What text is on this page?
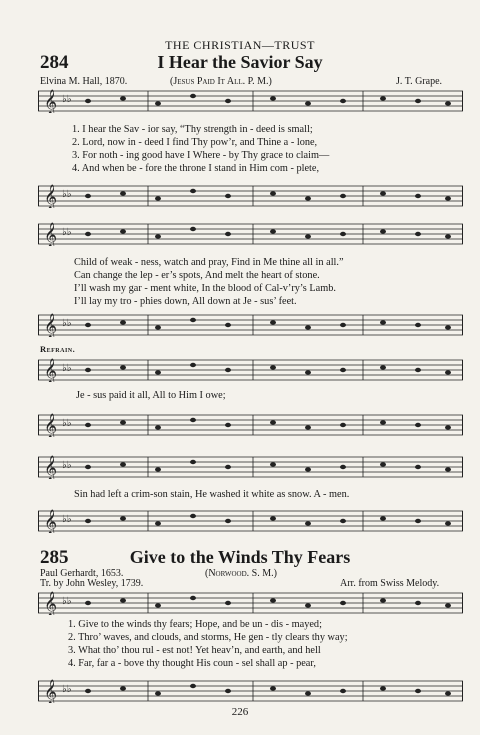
THE CHRISTIAN—TRUST
284	I Hear the Savior Say
Elvina M. Hall, 1870.	(Jesus Paid It All. P. M.)	J. T. Grape.
1. I hear the Sav - ior say, “Thy strength in - deed is small;
2. Lord, now in - deed I find Thy pow’r, and Thine a - lone,
3. For noth - ing good have I Where - by Thy grace to claim—
4. And when be - fore the throne I stand in Him com - plete,
Child of weak - ness, watch and pray, Find in Me thine all in all.”
Can change the lep - er’s spots, And melt the heart of stone.
I’ll wash my gar - ment white, In the blood of Cal-v’ry’s Lamb.
I’ll lay my tro - phies down, All down at Je - sus’ feet.
Refrain.
Je - sus paid it all, All to Him I owe;
Sin had left a crim-son stain, He washed it white as snow. A - men.
285	Give to the Winds Thy Fears
Paul Gerhardt, 1653.	(Norwood. S. M.)
Tr. by John Wesley, 1739.	Arr. from Swiss Melody.
1. Give to the winds thy fears; Hope, and be un - dis - mayed;
2. Thro’ waves, and clouds, and storms, He gen - tly clears thy way;
3. What tho’ thou rul - est not! Yet heav’n, and earth, and hell
4. Far, far a - bove thy thought His coun - sel shall ap - pear,
226
